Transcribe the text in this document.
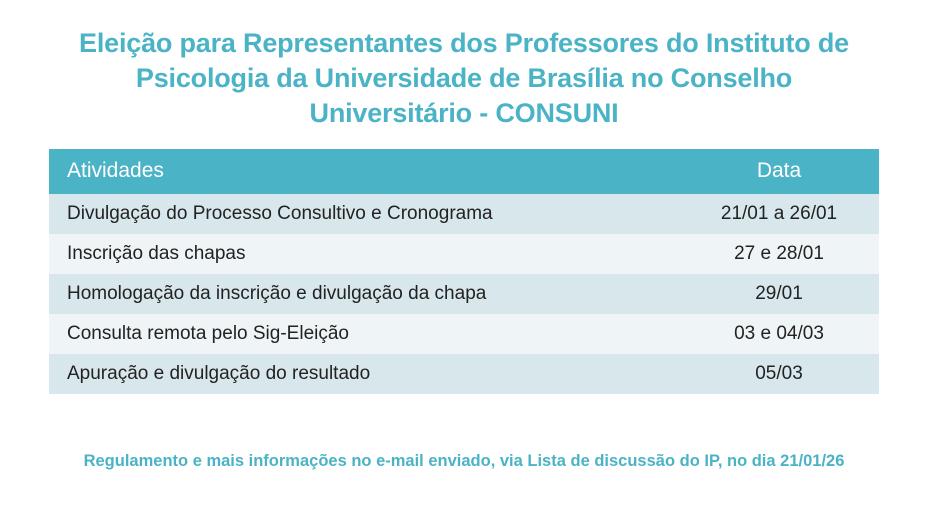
Eleição para Representantes dos Professores do Instituto de Psicologia da Universidade de Brasília no Conselho Universitário - CONSUNI
Atividades	Data
Divulgação do Processo Consultivo e Cronograma	21/01 a 26/01
Inscrição das chapas	27 e 28/01
Homologação da inscrição e divulgação da chapa	29/01
Consulta remota pelo Sig-Eleição	03 e 04/03
Apuração e divulgação do resultado	05/03
Regulamento e mais informações no e-mail enviado, via Lista de discussão do IP, no dia 21/01/26
